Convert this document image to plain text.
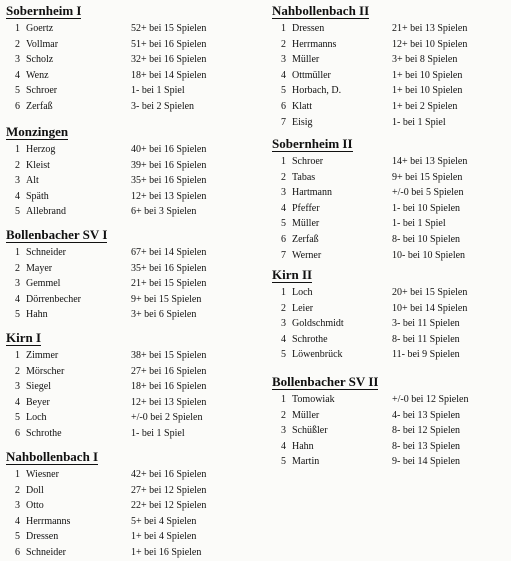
Sobernheim I
1 Goertz	52+ bei 15 Spielen
2 Vollmar	51+ bei 16 Spielen
3 Scholz	32+ bei 16 Spielen
4 Wenz	18+ bei 14 Spielen
5 Schroer	1- bei 1 Spiel
6 Zerfaß	3- bei 2 Spielen
Monzingen
1 Herzog	40+ bei 16 Spielen
2 Kleist	39+ bei 16 Spielen
3 Alt	35+ bei 16 Spielen
4 Späth	12+ bei 13 Spielen
5 Allebrand	6+ bei 3 Spielen
Bollenbacher SV I
1 Schneider	67+ bei 14 Spielen
2 Mayer	35+ bei 16 Spielen
3 Gemmel	21+ bei 15 Spielen
4 Dörrenbecher	9+ bei 15 Spielen
5 Hahn	3+ bei 6 Spielen
Kirn I
1 Zimmer	38+ bei 15 Spielen
2 Mörscher	27+ bei 16 Spielen
3 Siegel	18+ bei 16 Spielen
4 Beyer	12+ bei 13 Spielen
5 Loch	+/-0 bei 2 Spielen
6 Schrothe	1- bei 1 Spiel
Nahbollenbach I
1 Wiesner	42+ bei 16 Spielen
2 Doll	27+ bei 12 Spielen
3 Otto	22+ bei 12 Spielen
4 Herrmanns	5+ bei 4 Spielen
5 Dressen	1+ bei 4 Spielen
6 Schneider	1+ bei 16 Spielen
Nahbollenbach II
1 Dressen	21+ bei 13 Spielen
2 Herrmanns	12+ bei 10 Spielen
3 Müller	3+ bei 8 Spielen
4 Ottmüller	1+ bei 10 Spielen
5 Horbach, D.	1+ bei 10 Spielen
6 Klatt	1+ bei 2 Spielen
7 Eisig	1- bei 1 Spiel
Sobernheim II
1 Schroer	14+ bei 13 Spielen
2 Tabas	9+ bei 15 Spielen
3 Hartmann	+/-0 bei 5 Spielen
4 Pfeffer	1- bei 10 Spielen
5 Müller	1- bei 1 Spiel
6 Zerfaß	8- bei 10 Spielen
7 Werner	10- bei 10 Spielen
Kirn II
1 Loch	20+ bei 15 Spielen
2 Leier	10+ bei 14 Spielen
3 Goldschmidt	3- bei 11 Spielen
4 Schrothe	8- bei 11 Spielen
5 Löwenbrück	11- bei 9 Spielen
Bollenbacher SV II
1 Tomowiak	+/-0 bei 12 Spielen
2 Müller	4- bei 13 Spielen
3 Schüßler	8- bei 12 Spielen
4 Hahn	8- bei 13 Spielen
5 Martin	9- bei 14 Spielen
